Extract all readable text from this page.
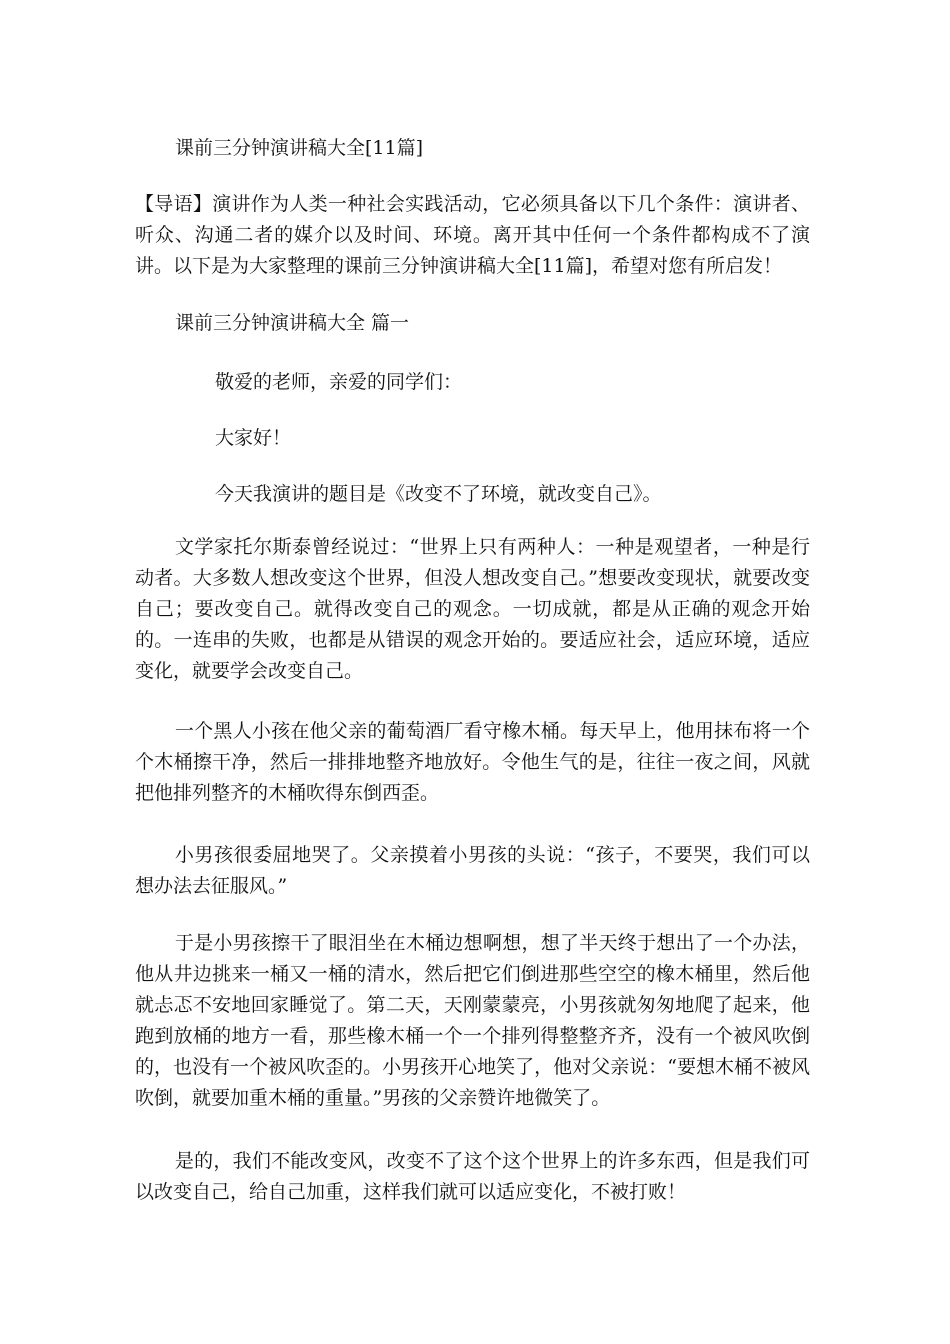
课前三分钟演讲稿大全[11篇]

【导语】演讲作为人类一种社会实践活动，它必须具备以下几个条件：演讲者、听众、沟通二者的媒介以及时间、环境。离开其中任何一个条件都构成不了演讲。以下是为大家整理的课前三分钟演讲稿大全[11篇]，希望对您有所启发！

课前三分钟演讲稿大全 篇一

敬爱的老师，亲爱的同学们：

大家好！

今天我演讲的题目是《改变不了环境，就改变自己》。

文学家托尔斯泰曾经说过：“世界上只有两种人：一种是观望者，一种是行动者。大多数人想改变这个世界，但没人想改变自己。”想要改变现状，就要改变自己；要改变自己。就得改变自己的观念。一切成就，都是从正确的观念开始的。一连串的失败，也都是从错误的观念开始的。要适应社会，适应环境，适应变化，就要学会改变自己。

一个黑人小孩在他父亲的葡萄酒厂看守橡木桶。每天早上，他用抹布将一个个木桶擦干净，然后一排排地整齐地放好。令他生气的是，往往一夜之间，风就把他排列整齐的木桶吹得东倒西歪。

小男孩很委屈地哭了。父亲摸着小男孩的头说：“孩子，不要哭，我们可以想办法去征服风。”

于是小男孩擦干了眼泪坐在木桶边想啊想，想了半天终于想出了一个办法，他从井边挑来一桶又一桶的清水，然后把它们倒进那些空空的橡木桶里，然后他就忐忑不安地回家睡觉了。第二天，天刚蒙蒙亮，小男孩就匆匆地爬了起来，他跑到放桶的地方一看，那些橡木桶一个一个排列得整整齐齐，没有一个被风吹倒的，也没有一个被风吹歪的。小男孩开心地笑了，他对父亲说：“要想木桶不被风吹倒，就要加重木桶的重量。”男孩的父亲赞许地微笑了。

是的，我们不能改变风，改变不了这个这个世界上的许多东西，但是我们可以改变自己，给自己加重，这样我们就可以适应变化，不被打败！
